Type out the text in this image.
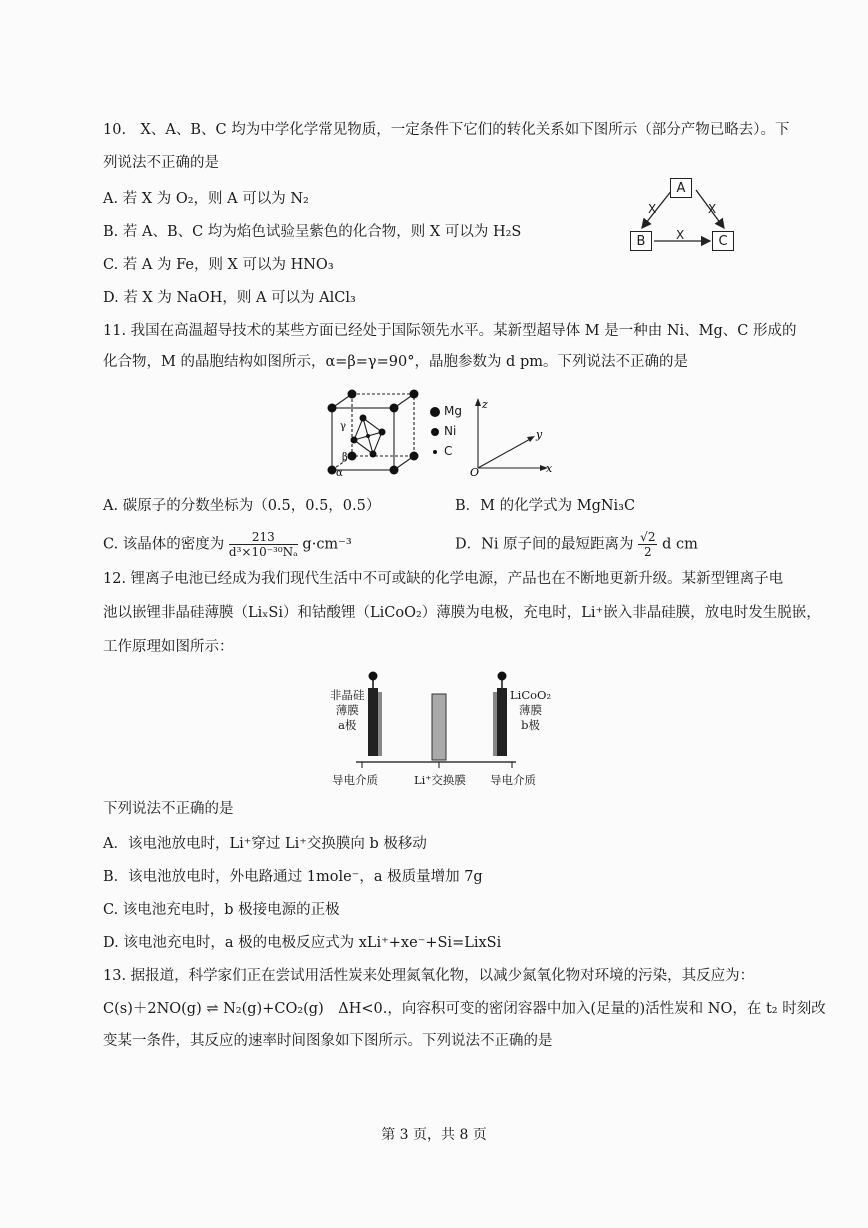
10.　X、A、B、C 均为中学化学常见物质，一定条件下它们的转化关系如下图所示（部分产物已略去）。下
列说法不正确的是
A. 若 X 为 O₂，则 A 可以为 N₂
B. 若 A、B、C 均为焰色试验呈紫色的化合物，则 X 可以为 H₂S
C. 若 A 为 Fe，则 X 可以为 HNO₃
D. 若 X 为 NaOH，则 A 可以为 AlCl₃
A
B	C
X	X
X
11. 我国在高温超导技术的某些方面已经处于国际领先水平。某新型超导体 M 是一种由 Ni、Mg、C 形成的
化合物，M 的晶胞结构如图所示，α=β=γ=90°，晶胞参数为 d pm。下列说法不正确的是
γ
β
α
Mg
Ni
C
z
y
x
O
A. 碳原子的分数坐标为（0.5，0.5，0.5）	B．M 的化学式为 MgNi₃C
C. 该晶体的密度为 $\frac{213}{\text{d³×10⁻³⁰Nₐ}} g\cdot cm^{-3}$	D．Ni 原子间的最短距离为 $\frac{√2}{2}$ d cm
12. 锂离子电池已经成为我们现代生活中不可或缺的化学电源，产品也在不断地更新升级。某新型锂离子电
池以嵌锂非晶硅薄膜（LiₓSi）和钴酸锂（LiCoO₂）薄膜为电极，充电时，Li⁺嵌入非晶硅膜，放电时发生脱嵌，
工作原理如图所示：
非晶硅
薄膜
a极
LiCoO₂
薄膜
b极
导电介质	Li⁺交换膜 导电介质
下列说法不正确的是
A．该电池放电时，Li⁺穿过 Li⁺交换膜向 b 极移动
B．该电池放电时，外电路通过 1mole⁻，a 极质量增加 7g
C. 该电池充电时，b 极接电源的正极
D. 该电池充电时，a 极的电极反应式为 xLi⁺+xe⁻+Si=LixSi
13. 据报道，科学家们正在尝试用活性炭来处理氮氧化物，以减少氮氧化物对环境的污染，其反应为：
C(s)＋2NO(g) ⇌ N₂(g)+CO₂(g)　ΔH<0.，向容积可变的密闭容器中加入(足量的)活性炭和 NO，在 t₂ 时刻改
变某一条件，其反应的速率时间图象如下图所示。下列说法不正确的是
第 3 页，共 8 页
